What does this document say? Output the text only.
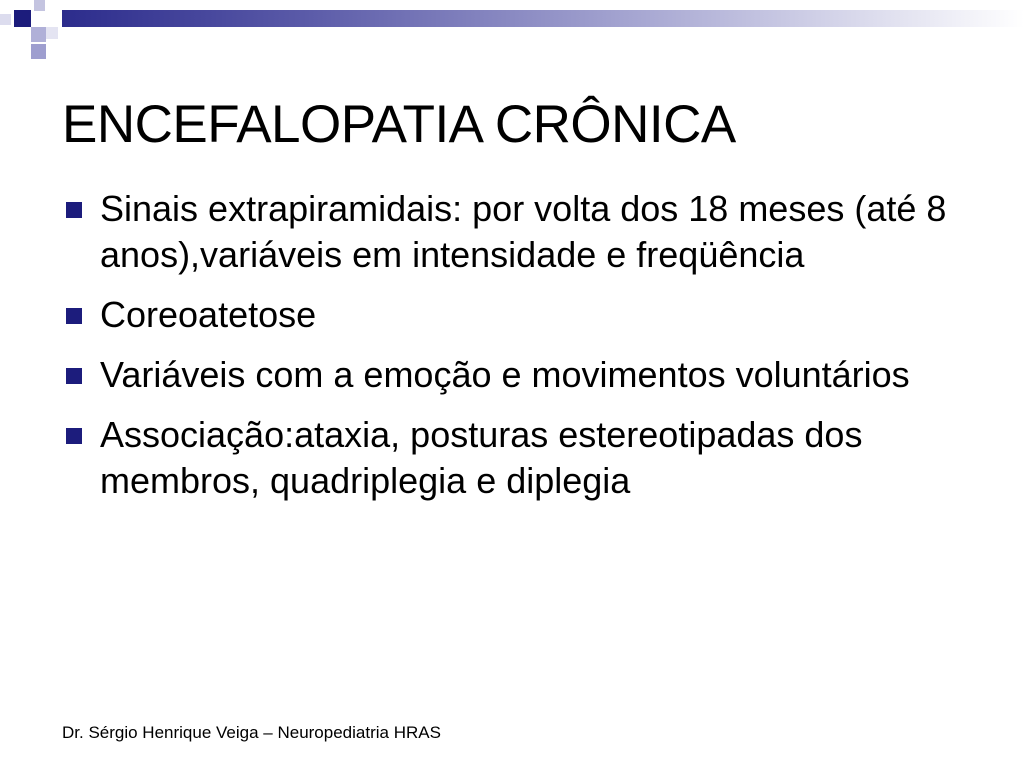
ENCEFALOPATIA CRÔNICA
Sinais extrapiramidais: por volta dos 18 meses (até 8 anos),variáveis em intensidade e freqüência
Coreoatetose
Variáveis com a emoção e movimentos voluntários
Associação:ataxia, posturas estereotipadas dos membros, quadriplegia e diplegia
Dr. Sérgio Henrique Veiga – Neuropediatria HRAS
